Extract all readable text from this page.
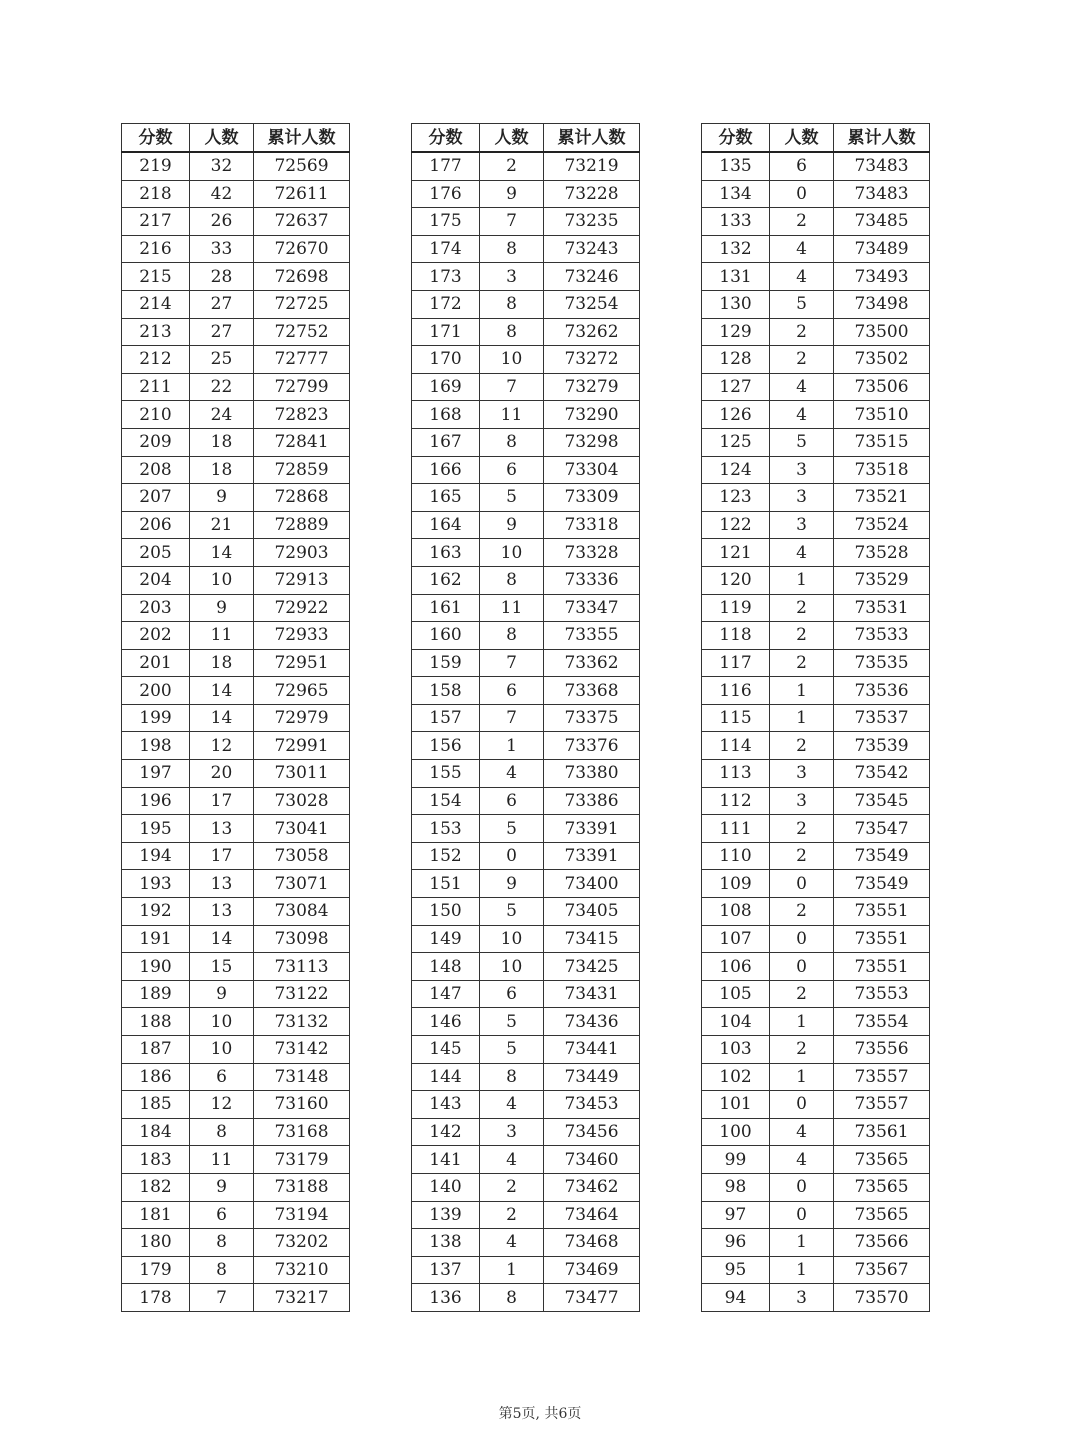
分数	人数	累计人数
219	32	72569
218	42	72611
217	26	72637
216	33	72670
215	28	72698
214	27	72725
213	27	72752
212	25	72777
211	22	72799
210	24	72823
209	18	72841
208	18	72859
207	9	72868
206	21	72889
205	14	72903
204	10	72913
203	9	72922
202	11	72933
201	18	72951
200	14	72965
199	14	72979
198	12	72991
197	20	73011
196	17	73028
195	13	73041
194	17	73058
193	13	73071
192	13	73084
191	14	73098
190	15	73113
189	9	73122
188	10	73132
187	10	73142
186	6	73148
185	12	73160
184	8	73168
183	11	73179
182	9	73188
181	6	73194
180	8	73202
179	8	73210
178	7	73217
分数	人数	累计人数
177	2	73219
176	9	73228
175	7	73235
174	8	73243
173	3	73246
172	8	73254
171	8	73262
170	10	73272
169	7	73279
168	11	73290
167	8	73298
166	6	73304
165	5	73309
164	9	73318
163	10	73328
162	8	73336
161	11	73347
160	8	73355
159	7	73362
158	6	73368
157	7	73375
156	1	73376
155	4	73380
154	6	73386
153	5	73391
152	0	73391
151	9	73400
150	5	73405
149	10	73415
148	10	73425
147	6	73431
146	5	73436
145	5	73441
144	8	73449
143	4	73453
142	3	73456
141	4	73460
140	2	73462
139	2	73464
138	4	73468
137	1	73469
136	8	73477
分数	人数	累计人数
135	6	73483
134	0	73483
133	2	73485
132	4	73489
131	4	73493
130	5	73498
129	2	73500
128	2	73502
127	4	73506
126	4	73510
125	5	73515
124	3	73518
123	3	73521
122	3	73524
121	4	73528
120	1	73529
119	2	73531
118	2	73533
117	2	73535
116	1	73536
115	1	73537
114	2	73539
113	3	73542
112	3	73545
111	2	73547
110	2	73549
109	0	73549
108	2	73551
107	0	73551
106	0	73551
105	2	73553
104	1	73554
103	2	73556
102	1	73557
101	0	73557
100	4	73561
99	4	73565
98	0	73565
97	0	73565
96	1	73566
95	1	73567
94	3	73570
第5页, 共6页
